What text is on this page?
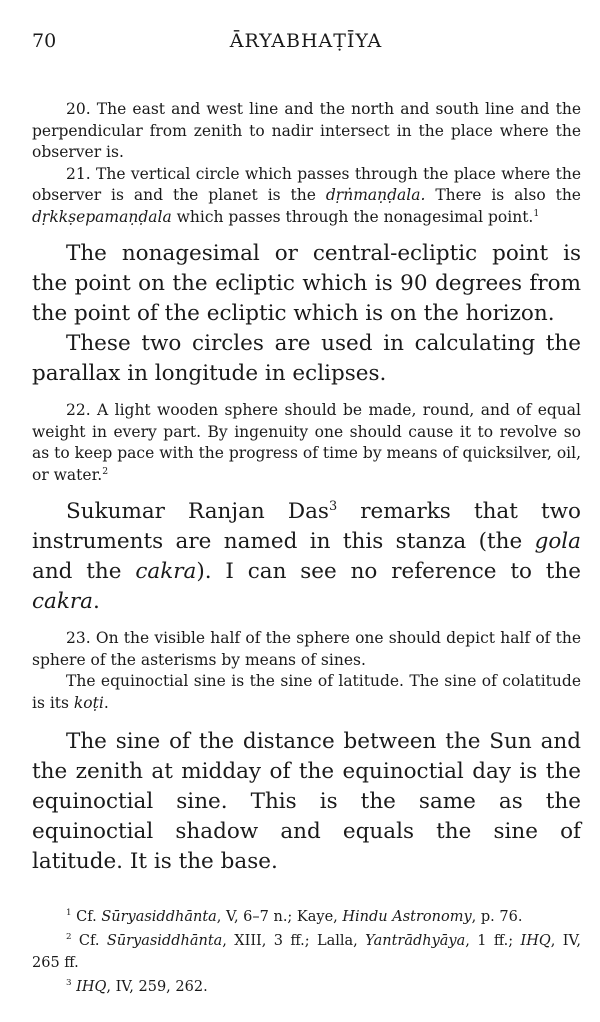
70	ĀRYABHAṬĪYA

20. The east and west line and the north and south line and the perpendicular from zenith to nadir intersect in the place where the observer is.

21. The vertical circle which passes through the place where the observer is and the planet is the dṛṅmaṇḍala. There is also the dṛkkṣepamaṇḍala which passes through the nonagesimal point.$^1$

The nonagesimal or central-ecliptic point is the point on the ecliptic which is 90 degrees from the point of the ecliptic which is on the horizon.

These two circles are used in calculating the parallax in longitude in eclipses.

22. A light wooden sphere should be made, round, and of equal weight in every part. By ingenuity one should cause it to revolve so as to keep pace with the progress of time by means of quicksilver, oil, or water.$^2$

Sukumar Ranjan Das$^3$ remarks that two instruments are named in this stanza (the gola and the cakra). I can see no reference to the cakra.

23. On the visible half of the sphere one should depict half of the sphere of the asterisms by means of sines.

The equinoctial sine is the sine of latitude. The sine of colatitude is its koṭi.

The sine of the distance between the Sun and the zenith at midday of the equinoctial day is the equinoctial sine. This is the same as the equinoctial shadow and equals the sine of latitude. It is the base.

$^1$ Cf. Sūryasiddhānta, V, 6–7 n.; Kaye, Hindu Astronomy, p. 76.

$^2$ Cf. Sūryasiddhānta, XIII, 3 ff.; Lalla, Yantrādhyāya, 1 ff.; IHQ, IV, 265 ff.

$^3$ IHQ, IV, 259, 262.
